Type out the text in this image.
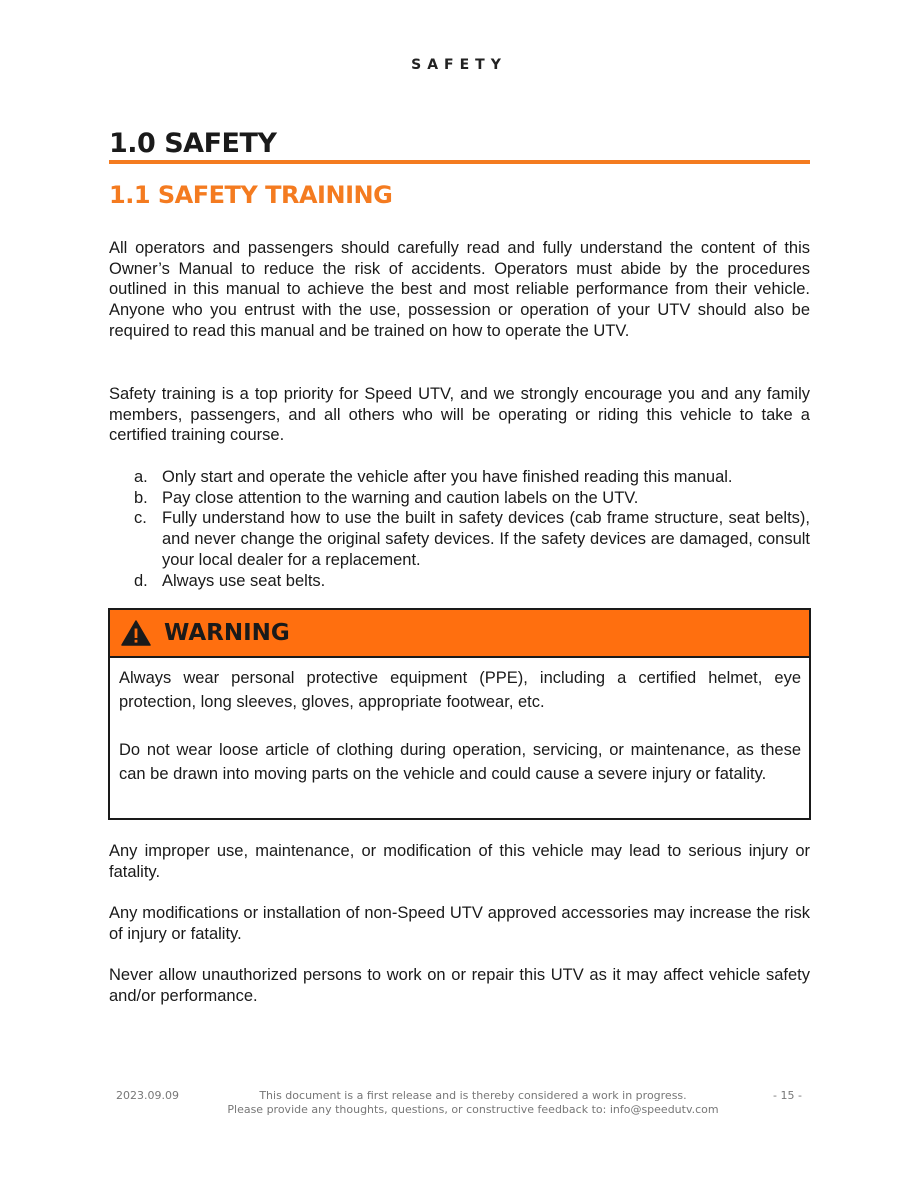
SAFETY
1.0 SAFETY
1.1 SAFETY TRAINING

All operators and passengers should carefully read and fully understand the content of this Owner’s Manual to reduce the risk of accidents. Operators must abide by the procedures outlined in this manual to achieve the best and most reliable performance from their vehicle. Anyone who you entrust with the use, possession or operation of your UTV should also be required to read this manual and be trained on how to operate the UTV.

Safety training is a top priority for Speed UTV, and we strongly encourage you and any family members, passengers, and all others who will be operating or riding this vehicle to take a certified training course.

a. Only start and operate the vehicle after you have finished reading this manual.
b. Pay close attention to the warning and caution labels on the UTV.
c. Fully understand how to use the built in safety devices (cab frame structure, seat belts), and never change the original safety devices. If the safety devices are damaged, consult your local dealer for a replacement.
d. Always use seat belts.
WARNING

Always wear personal protective equipment (PPE), including a certified helmet, eye protection, long sleeves, gloves, appropriate footwear, etc.

Do not wear loose article of clothing during operation, servicing, or maintenance, as these can be drawn into moving parts on the vehicle and could cause a severe injury or fatality.

Any improper use, maintenance, or modification of this vehicle may lead to serious injury or fatality.

Any modifications or installation of non-Speed UTV approved accessories may increase the risk of injury or fatality.

Never allow unauthorized persons to work on or repair this UTV as it may affect vehicle safety and/or performance.

2023.09.09	This document is a first release and is thereby considered a work in progress.
Please provide any thoughts, questions, or constructive feedback to: info@speedutv.com
- 15 -
